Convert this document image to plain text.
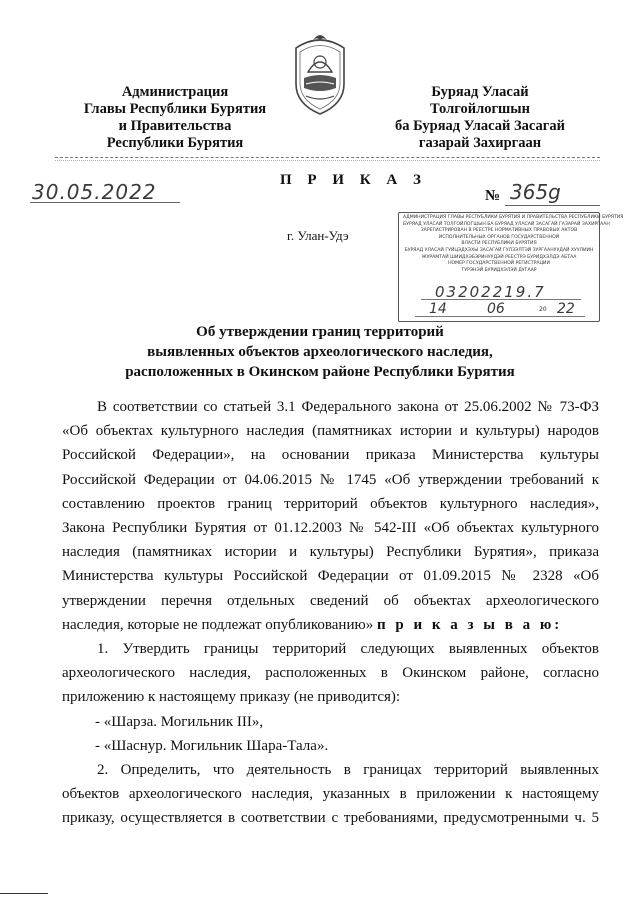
Администрация
Главы Республики Бурятия
и Правительства
Республики Бурятия
Буряад Уласай
Толгойлогшын
ба Буряад Уласай Засагай
газарай Захиргаан
30.05.2022	П Р И К А З
№ 365g
г. Улан-Удэ
АДМИНИСТРАЦИЯ ГЛАВЫ РЕСПУБЛИКИ БУРЯТИЯ И ПРАВИТЕЛЬСТВА РЕСПУБЛИКИ БУРЯТИЯ
БУРЯАД УЛАСАЙ ТОЛГОЙЛОГШЫН БА БУРЯАД УЛАСАЙ ЗАСАГАЙ ГАЗАРАЙ ЗАХИРГААН
ЗАРЕГИСТРИРОВАН В РЕЕСТРЕ НОРМАТИВНЫХ ПРАВОВЫХ АКТОВ
ИСПОЛНИТЕЛЬНЫХ ОРГАНОВ ГОСУДАРСТВЕННОЙ
ВЛАСТИ РЕСПУБЛИКИ БУРЯТИЯ
БУРЯАД УЛАСАЙ ГУЙЦЭДХЭХЫ ЗАСАГАЙ ГУЛЗЭЛТЭЙ ЗУРГААНУУДАЙ ХУУЛИИН
ЖУРАМТАЙ ШИИДХЭБЭРИНУУДЭЙ РЕЕСТРЭ БУРИДХЭЛДЭ АБТАА
НОМЕР ГОСУДАРСТВЕННОЙ РЕГИСТРАЦИИ
ГУРЭНЭЙ БУРИДХЭЛЭЙ ДУГААР
03202219.7
14	06	20 22
Об утверждении границ территорий
выявленных объектов археологического наследия,
расположенных в Окинском районе Республики Бурятия

В соответствии со статьей 3.1 Федерального закона от 25.06.2002 № 73-ФЗ

«Об объектах культурного наследия (памятниках истории и культуры) народов

Российской Федерации», на основании приказа Министерства культуры

Российской Федерации от 04.06.2015 № 1745 «Об утверждении требований к

составлению проектов границ территорий объектов культурного наследия»,

Закона Республики Бурятия от 01.12.2003 № 542-III «Об объектах культурного

наследия (памятниках истории и культуры) Республики Бурятия», приказа

Министерства культуры Российской Федерации от 01.09.2015 № 2328 «Об

утверждении перечня отдельных сведений об объектах археологического

наследия, которые не подлежат опубликованию» п р и к а з ы в а ю:

1. Утвердить границы территорий следующих выявленных объектов

археологического наследия, расположенных в Окинском районе, согласно

приложению к настоящему приказу (не приводится):

- «Шарза. Могильник III»,

- «Шаснур. Могильник Шара-Тала».

2. Определить, что деятельность в границах территорий выявленных

объектов археологического наследия, указанных в приложении к настоящему

приказу, осуществляется в соответствии с требованиями, предусмотренными ч. 5
